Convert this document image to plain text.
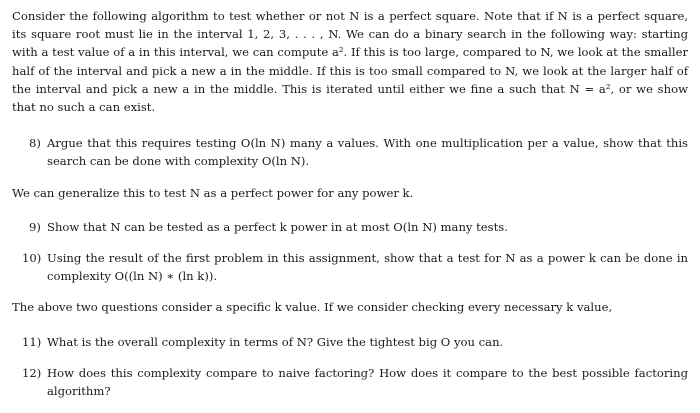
Consider the following algorithm to test whether or not N is a perfect square. Note that if N is a perfect square, its square root must lie in the interval 1, 2, 3, . . . , N. We can do a binary search in the following way: starting with a test value of a in this interval, we can compute a². If this is too large, compared to N, we look at the smaller half of the interval and pick a new a in the middle. If this is too small compared to N, we look at the larger half of the interval and pick a new a in the middle. This is iterated until either we fine a such that N = a², or we show that no such a can exist.

8) Argue that this requires testing O(ln N) many a values. With one multiplication per a value, show that this search can be done with complexity O(ln N).

We can generalize this to test N as a perfect power for any power k.

9) Show that N can be tested as a perfect k power in at most O(ln N) many tests.

10) Using the result of the first problem in this assignment, show that a test for N as a power k can be done in complexity O((ln N) ∗ (ln k)).

The above two questions consider a specific k value. If we consider checking every necessary k value,

11) What is the overall complexity in terms of N? Give the tightest big O you can.

12) How does this complexity compare to naive factoring? How does it compare to the best possible factoring algorithm?
